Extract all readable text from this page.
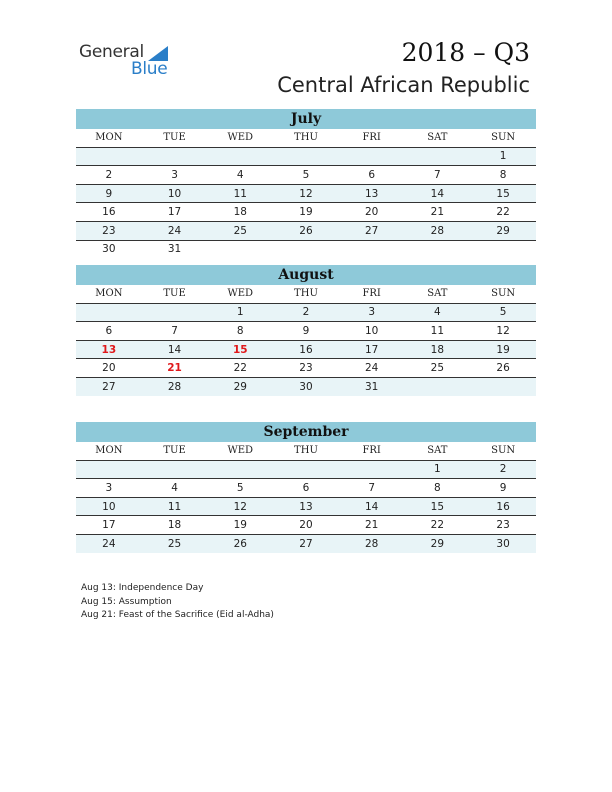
General
Blue
2018 – Q3
Central African Republic
July
MON	TUE	WED	THU	FRI	SAT	SUN
						1
2	3	4	5	6	7	8
9	10	11	12	13	14	15
16	17	18	19	20	21	22
23	24	25	26	27	28	29
30	31					
August
MON	TUE	WED	THU	FRI	SAT	SUN
		1	2	3	4	5
6	7	8	9	10	11	12
13	14	15	16	17	18	19
20	21	22	23	24	25	26
27	28	29	30	31		
September
MON	TUE	WED	THU	FRI	SAT	SUN
					1	2
3	4	5	6	7	8	9
10	11	12	13	14	15	16
17	18	19	20	21	22	23
24	25	26	27	28	29	30
Aug 13: Independence Day
Aug 15: Assumption
Aug 21: Feast of the Sacrifice (Eid al-Adha)
